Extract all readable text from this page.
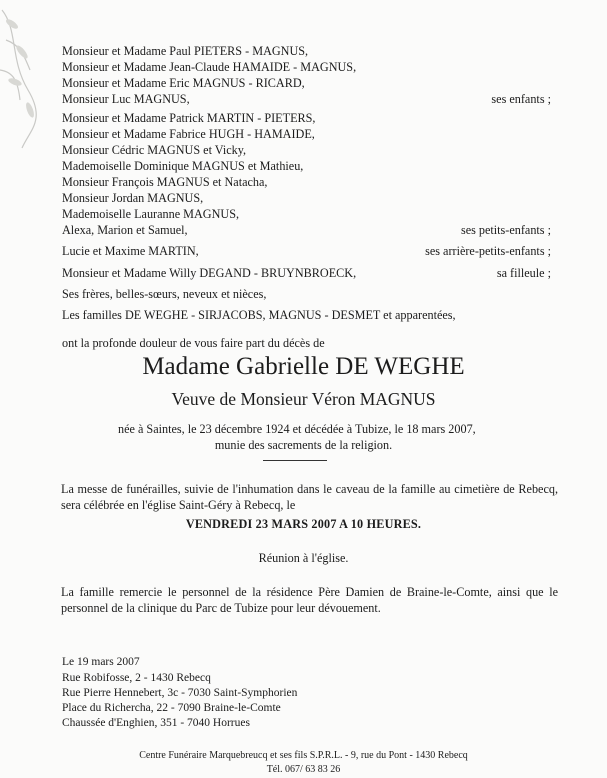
Monsieur et Madame Paul PIETERS - MAGNUS,
Monsieur et Madame Jean-Claude HAMAIDE - MAGNUS,
Monsieur et Madame Eric MAGNUS - RICARD,
Monsieur Luc MAGNUS,	ses enfants ;
Monsieur et Madame Patrick MARTIN - PIETERS,
Monsieur et Madame Fabrice HUGH - HAMAIDE,
Monsieur Cédric MAGNUS et Vicky,
Mademoiselle Dominique MAGNUS et Mathieu,
Monsieur François MAGNUS et Natacha,
Monsieur Jordan MAGNUS,
Mademoiselle Lauranne MAGNUS,
Alexa, Marion et Samuel,	ses petits-enfants ;
Lucie et Maxime MARTIN,	ses arrière-petits-enfants ;
Monsieur et Madame Willy DEGAND - BRUYNBROECK,	sa filleule ;
Ses frères, belles-sœurs, neveux et nièces,
Les familles DE WEGHE - SIRJACOBS, MAGNUS - DESMET et apparentées,
ont la profonde douleur de vous faire part du décès de
Madame Gabrielle DE WEGHE
Veuve de Monsieur Véron MAGNUS
née à Saintes, le 23 décembre 1924 et décédée à Tubize, le 18 mars 2007,
munie des sacrements de la religion.
La messe de funérailles, suivie de l'inhumation dans le caveau de la famille au cimetière de Rebecq, sera célébrée en l'église Saint-Géry à Rebecq, le
VENDREDI 23 MARS 2007 A 10 HEURES.
Réunion à l'église.
La famille remercie le personnel de la résidence Père Damien de Braine-le-Comte, ainsi que le personnel de la clinique du Parc de Tubize pour leur dévouement.
Le 19 mars 2007
Rue Robifosse, 2 - 1430 Rebecq
Rue Pierre Hennebert, 3c - 7030 Saint-Symphorien
Place du Richercha, 22 - 7090 Braine-le-Comte
Chaussée d'Enghien, 351 - 7040 Horrues
Centre Funéraire Marquebreucq et ses fils S.P.R.L. - 9, rue du Pont - 1430 Rebecq
Tél. 067/ 63 83 26
